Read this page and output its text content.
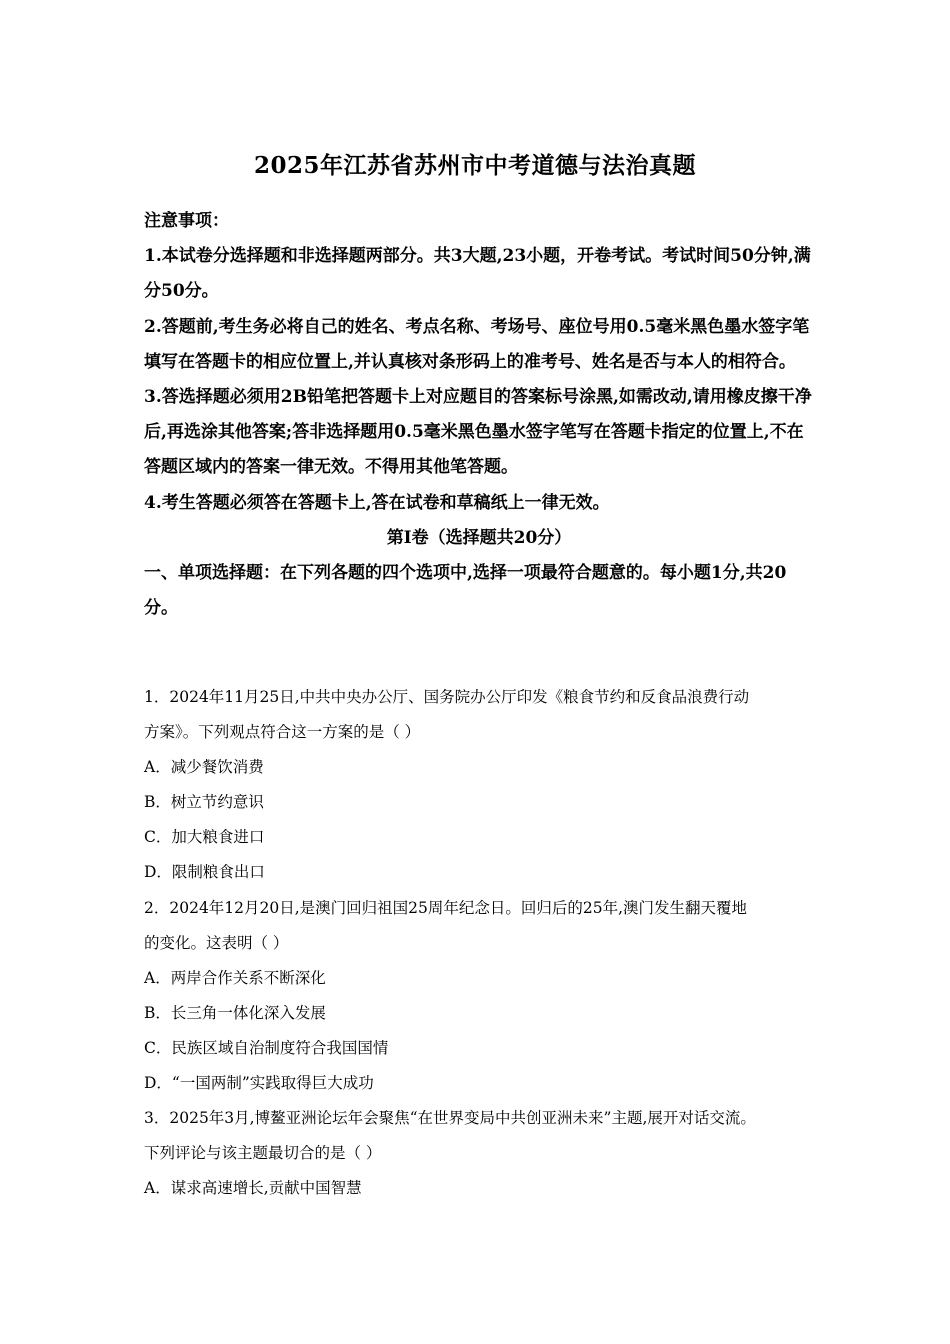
2025年江苏省苏州市中考道德与法治真题

注意事项：

1.本试卷分选择题和非选择题两部分。共3大题,23小题，开卷考试。考试时间50分钟,满分50分。

2.答题前,考生务必将自己的姓名、考点名称、考场号、座位号用0.5毫米黑色墨水签字笔填写在答题卡的相应位置上,并认真核对条形码上的准考号、姓名是否与本人的相符合。

3.答选择题必须用2B铅笔把答题卡上对应题目的答案标号涂黑,如需改动,请用橡皮擦干净后,再选涂其他答案;答非选择题用0.5毫米黑色墨水签字笔写在答题卡指定的位置上,不在答题区域内的答案一律无效。不得用其他笔答题。

4.考生答题必须答在答题卡上,答在试卷和草稿纸上一律无效。

第I卷（选择题共20分）

一、单项选择题：在下列各题的四个选项中,选择一项最符合题意的。每小题1分,共20分。

1．2024年11月25日,中共中央办公厅、国务院办公厅印发《粮食节约和反食品浪费行动

方案》。下列观点符合这一方案的是（ ）

A．减少餐饮消费

B．树立节约意识

C．加大粮食进口

D．限制粮食出口

2．2024年12月20日,是澳门回归祖国25周年纪念日。回归后的25年,澳门发生翻天覆地

的变化。这表明（ ）

A．两岸合作关系不断深化

B．长三角一体化深入发展

C．民族区域自治制度符合我国国情

D．“一国两制”实践取得巨大成功

3．2025年3月,博鳌亚洲论坛年会聚焦“在世界变局中共创亚洲未来”主题,展开对话交流。

下列评论与该主题最切合的是（ ）

A．谋求高速增长,贡献中国智慧
